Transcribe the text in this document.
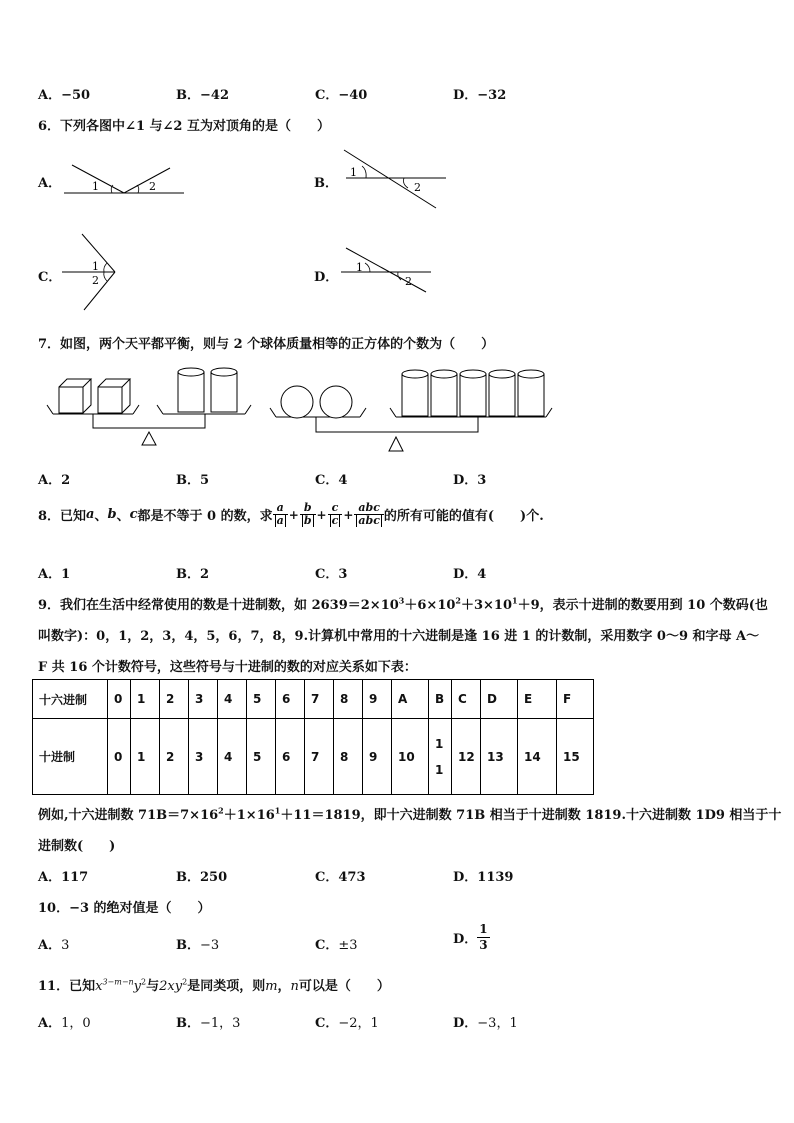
A．−50	B．−42	C．−40	D．−32
6．下列各图中∠1 与∠2 互为对顶角的是（　　）
A．	1	2	B．
1
2
C．
1
2	D．
1
2
7．如图，两个天平都平衡，则与 2 个球体质量相等的正方体的个数为（　　）
A．2	B．5	C．4	D．3
8．已知 a 、 b 、 c 都是不等于 0 的数，求 $\frac{a}{a} + \frac{b}{b} + \frac{c}{c} + \frac{\text{abc}}{\text{abc}}$ 的所有可能的值有(　　)个.
A．1	B．2	C．3	D．4
9．我们在生活中经常使用的数是十进制数，如 $2639=2\times 10^3+6\times 10^2+3\times 10^1+9$，表示十进制的数要用到 10 个数码(也
叫数字)：0，1，2，3，4，5，6，7，8，9.计算机中常用的十六进制是逢 16 进 1 的计数制，采用数字 0～9 和字母 A～
F 共 16 个计数符号，这些符号与十进制的数的对应关系如下表：
十六进制	0	1	2	3	4	5	6	7	8	9	A	B	C	D	E	F
十进制	0	1	2	3	4	5	6	7	8	9	10	11	12	13	14	15
例如,十六进制数 $71B=7\times 16^2+1\times 16^1+11=1819$，即十六进制数 71B 相当于十进制数 1819.十六进制数 1D9 相当于十
进制数(　　)
A．117	B．250	C．473	D．1139
10．−3 的绝对值是（　　）
A．3	B．−3	C．±3	D． $\frac{1}{3}$
11．已知$x^{3-m-n}y^2$与$2xy^2$是同类项，则m，n可以是（　　）
A．1，0	B．−1，3	C．−2，1	D．−3，1
